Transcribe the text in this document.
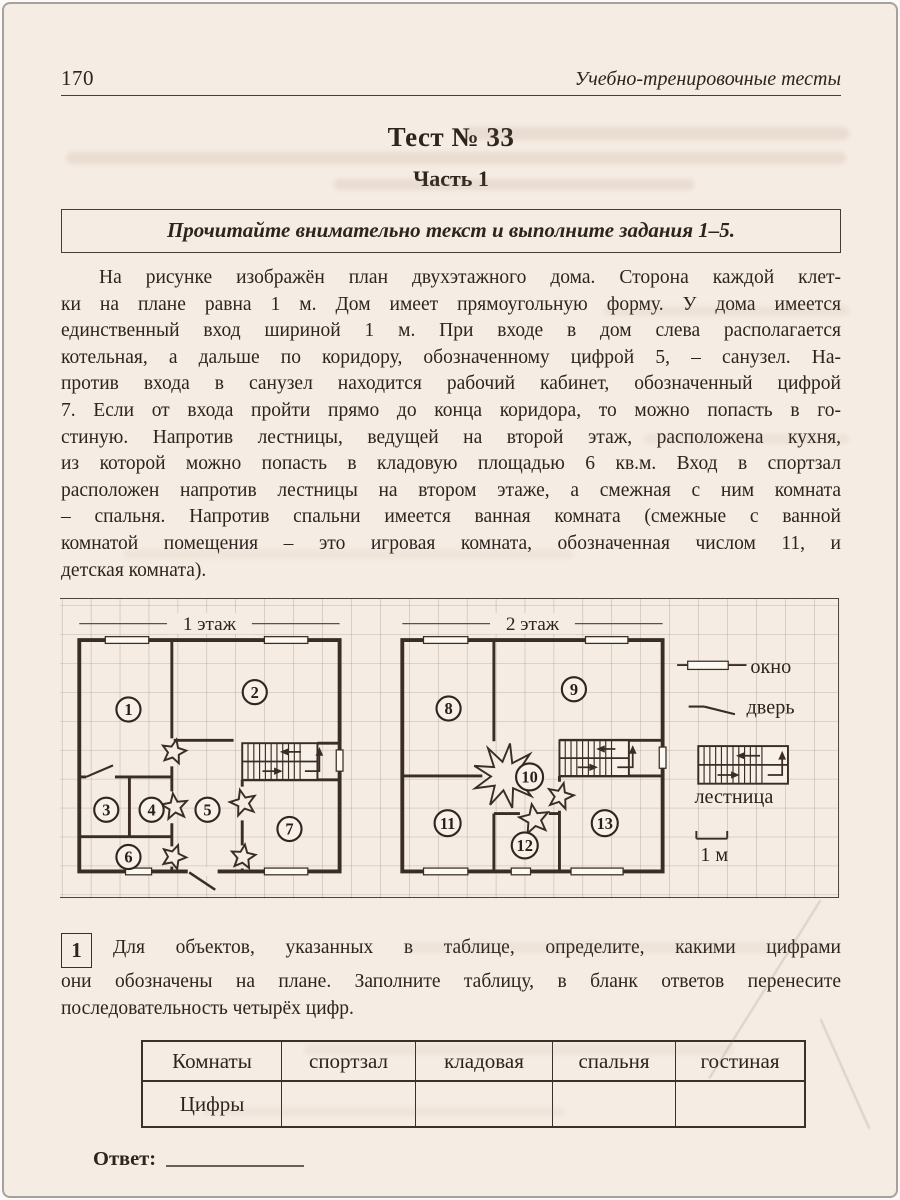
170	Учебно-тренировочные тесты
Тест № 33
Часть 1
Прочитайте внимательно текст и выполните задания 1–5.
На рисунке изображён план двухэтажного дома. Сторона каждой клет-
ки на плане равна 1 м. Дом имеет прямоугольную форму. У дома имеется
единственный вход шириной 1 м. При входе в дом слева располагается
котельная, а дальше по коридору, обозначенному цифрой 5, – санузел. На-
против входа в санузел находится рабочий кабинет, обозначенный цифрой
7. Если от входа пройти прямо до конца коридора, то можно попасть в го-
стиную. Напротив лестницы, ведущей на второй этаж, расположена кухня,
из которой можно попасть в кладовую площадью 6 кв.м. Вход в спортзал
расположен напротив лестницы на втором этаже, а смежная с ним комната
– спальня. Напротив спальни имеется ванная комната (смежные с ванной
комнатой помещения – это игровая комната, обозначенная числом 11, и
детская комната).
1 этаж	2 этаж
1
2
3 4	5
6
7
8
9
10
11
12
13
окно
дверь
лестница
1 м
1	Для объектов, указанных в таблице, определите, какими цифрами
они обозначены на плане. Заполните таблицу, в бланк ответов перенесите
последовательность четырёх цифр.
Комнаты	спортзал	кладовая	спальня	гостиная
Цифры				
Ответ:
